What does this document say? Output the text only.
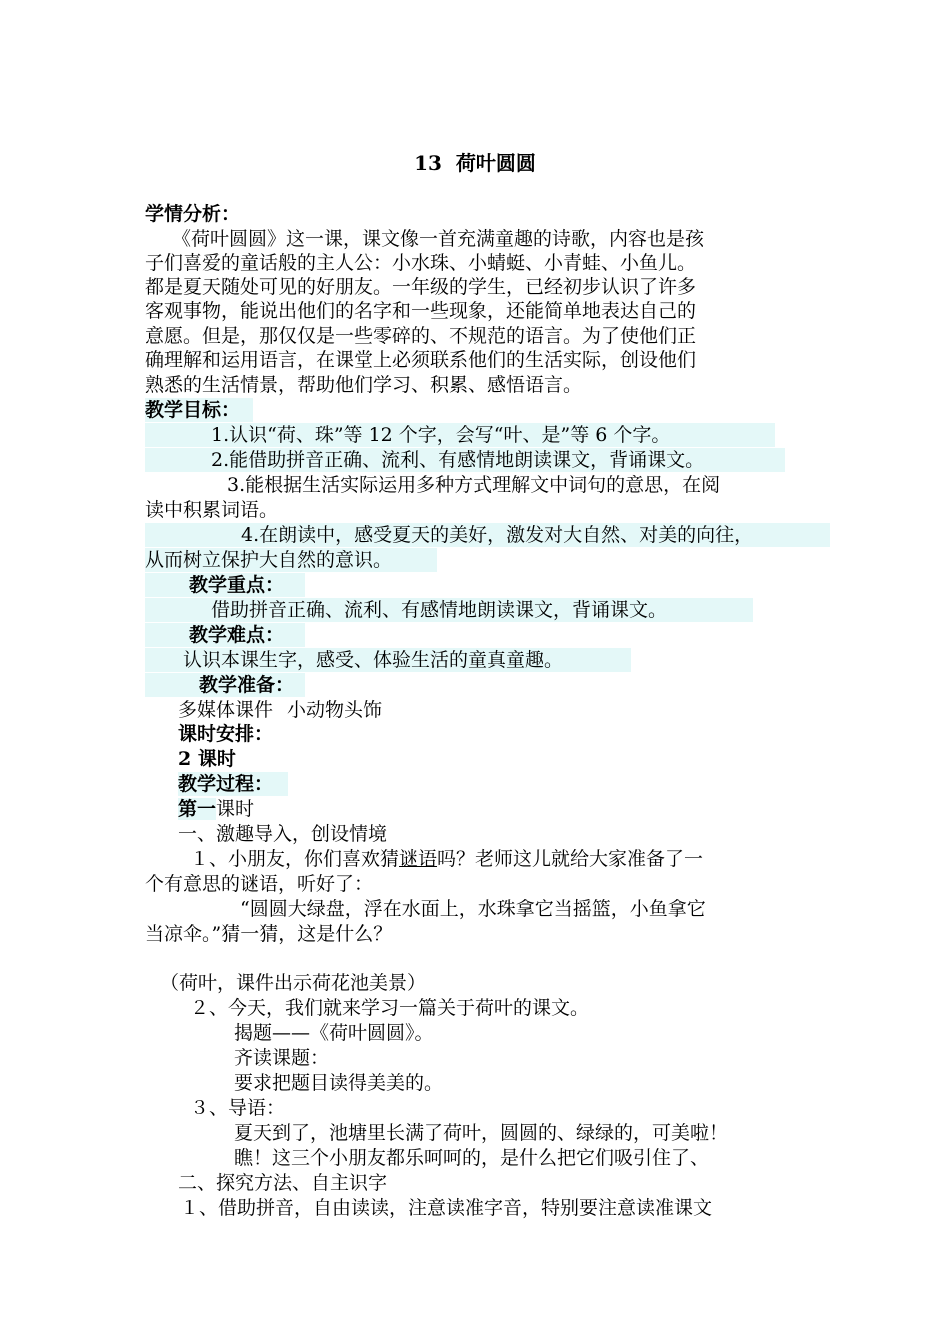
13 荷叶圆圆
学情分析：
《荷叶圆圆》这一课，课文像一首充满童趣的诗歌，内容也是孩
子们喜爱的童话般的主人公：小水珠、小蜻蜓、小青蛙、小鱼儿。
都是夏天随处可见的好朋友。一年级的学生，已经初步认识了许多
客观事物，能说出他们的名字和一些现象，还能简单地表达自己的
意愿。但是，那仅仅是一些零碎的、不规范的语言。为了使他们正
确理解和运用语言，在课堂上必须联系他们的生活实际，创设他们
熟悉的生活情景，帮助他们学习、积累、感悟语言。
教学目标：
1.认识“荷、珠”等 12 个字，会写“叶、是”等 6 个字。
2.能借助拼音正确、流利、有感情地朗读课文，背诵课文。
3.能根据生活实际运用多种方式理解文中词句的意思，在阅
读中积累词语。
4.在朗读中，感受夏天的美好，激发对大自然、对美的向往，
从而树立保护大自然的意识。
教学重点：
借助拼音正确、流利、有感情地朗读课文，背诵课文。
教学难点：
认识本课生字，感受、体验生活的童真童趣。
教学准备：
多媒体课件 小动物头饰
课时安排：
2 课时
教学过程：
第一课时
一、激趣导入，创设情境
１、小朋友，你们喜欢猜谜语吗？老师这儿就给大家准备了一
个有意思的谜语，听好了：
“圆圆大绿盘，浮在水面上，水珠拿它当摇篮，小鱼拿它
当凉伞。”猜一猜，这是什么？
（荷叶，课件出示荷花池美景）
２、今天，我们就来学习一篇关于荷叶的课文。
揭题——《荷叶圆圆》。
齐读课题：
要求把题目读得美美的。
３、导语：
夏天到了，池塘里长满了荷叶，圆圆的、绿绿的，可美啦！
瞧！这三个小朋友都乐呵呵的，是什么把它们吸引住了、
二、探究方法、自主识字
１、借助拼音，自由读读，注意读准字音，特别要注意读准课文
